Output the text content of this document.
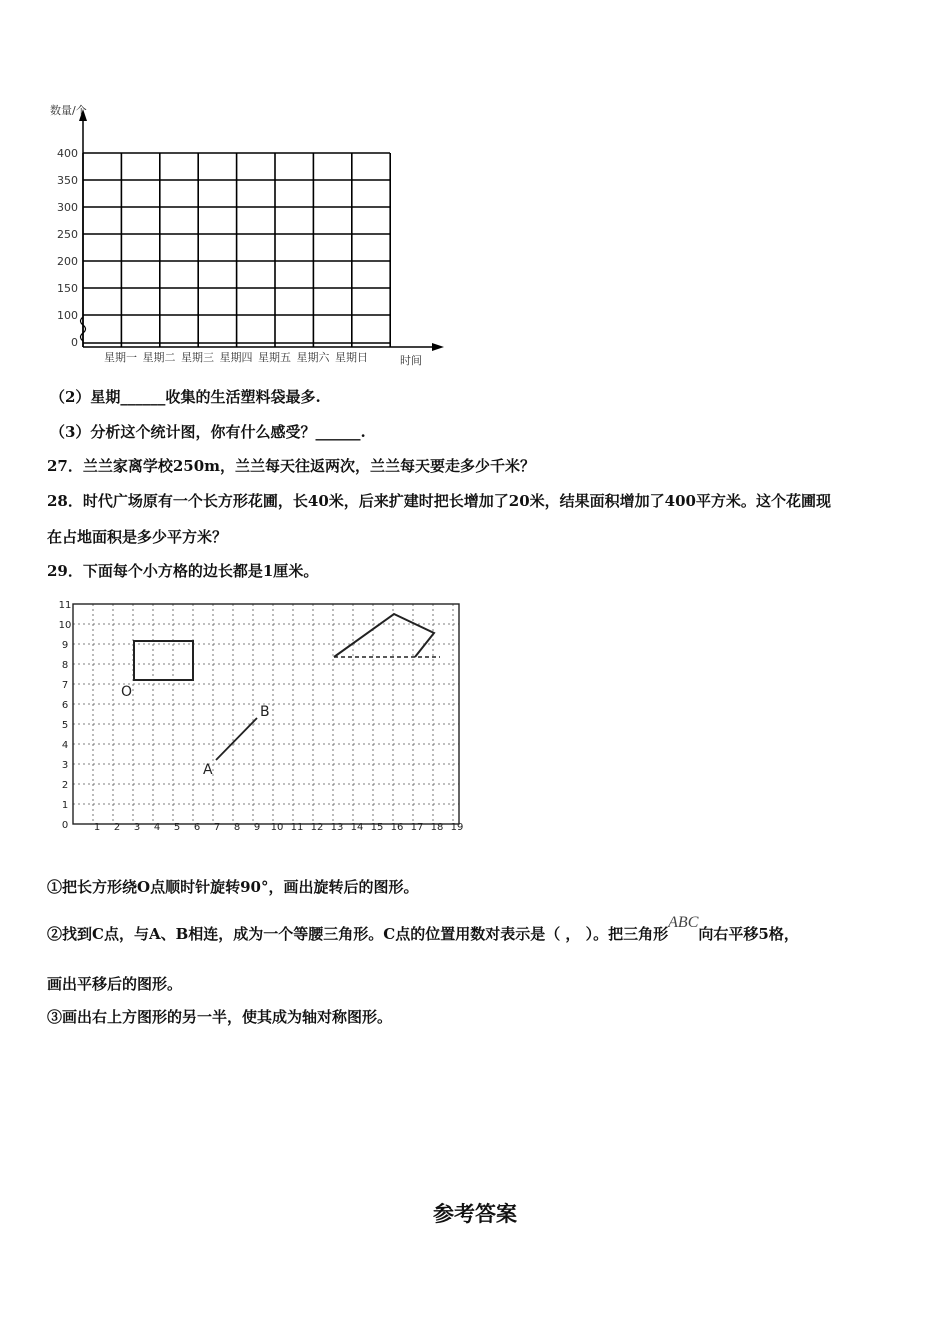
数量/个
时间
0
100
150
200
250
300
350
400
星期一 星期二 星期三 星期四 星期五 星期六 星期日
（2）星期______收集的生活塑料袋最多.
（3）分析这个统计图，你有什么感受？______.
27．兰兰家离学校250m，兰兰每天往返两次，兰兰每天要走多少千米？
28．时代广场原有一个长方形花圃，长40米，后来扩建时把长增加了20米，结果面积增加了400平方米。这个花圃现
在占地面积是多少平方米？
29．下面每个小方格的边长都是1厘米。
0
1
2
3
4
5
6
7
8
9
10
11
1 2 3 4 5 6 7 8 9 10 11 12 13 14 15 16 17 18 19
O
A
B
①把长方形绕O点顺时针旋转90°，画出旋转后的图形。
②找到C点，与A、B相连，成为一个等腰三角形。C点的位置用数对表示是（ ， ）。把三角形ABC向右平移5格，
画出平移后的图形。
③画出右上方图形的另一半，使其成为轴对称图形。
参考答案
